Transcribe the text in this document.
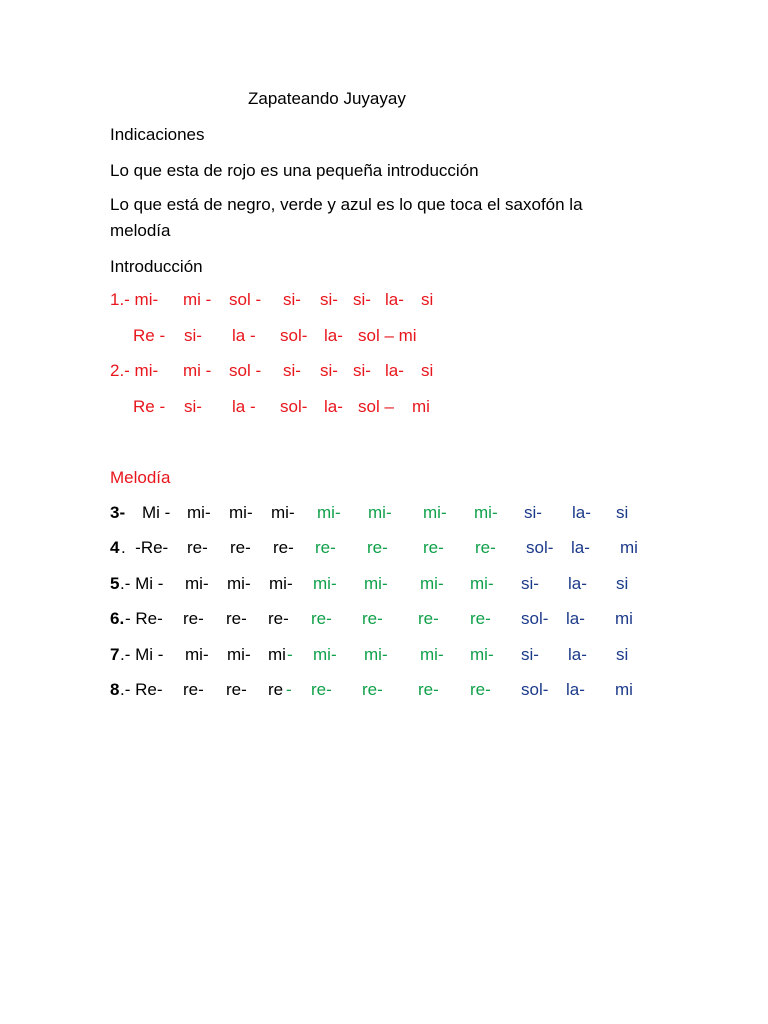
Zapateando Juyayay
Indicaciones
Lo que esta de rojo es una pequeña introducción
Lo que está de negro, verde y azul es lo que toca el saxofón la
melodía
Introducción
1.- mi- mi - sol - si- si- si- la- si
Re - si- la - sol- la- sol – mi
2.- mi- mi - sol - si- si- si- la- si
Re - si- la - sol- la- sol – mi
Melodía
3- Mi - mi- mi- mi- mi- mi- mi- mi- si- la- si
4 .  -Re- re- re- re- re- re- re- re- sol- la- mi
5 .- Mi - mi- mi- mi- mi- mi- mi- mi- si- la- si
6. - Re- re- re- re- re- re- re- re- sol- la- mi
7 .- Mi - mi- mi- mi - mi- mi- mi- mi- si- la- si
8 .- Re- re- re- re - re- re- re- re- sol- la- mi
